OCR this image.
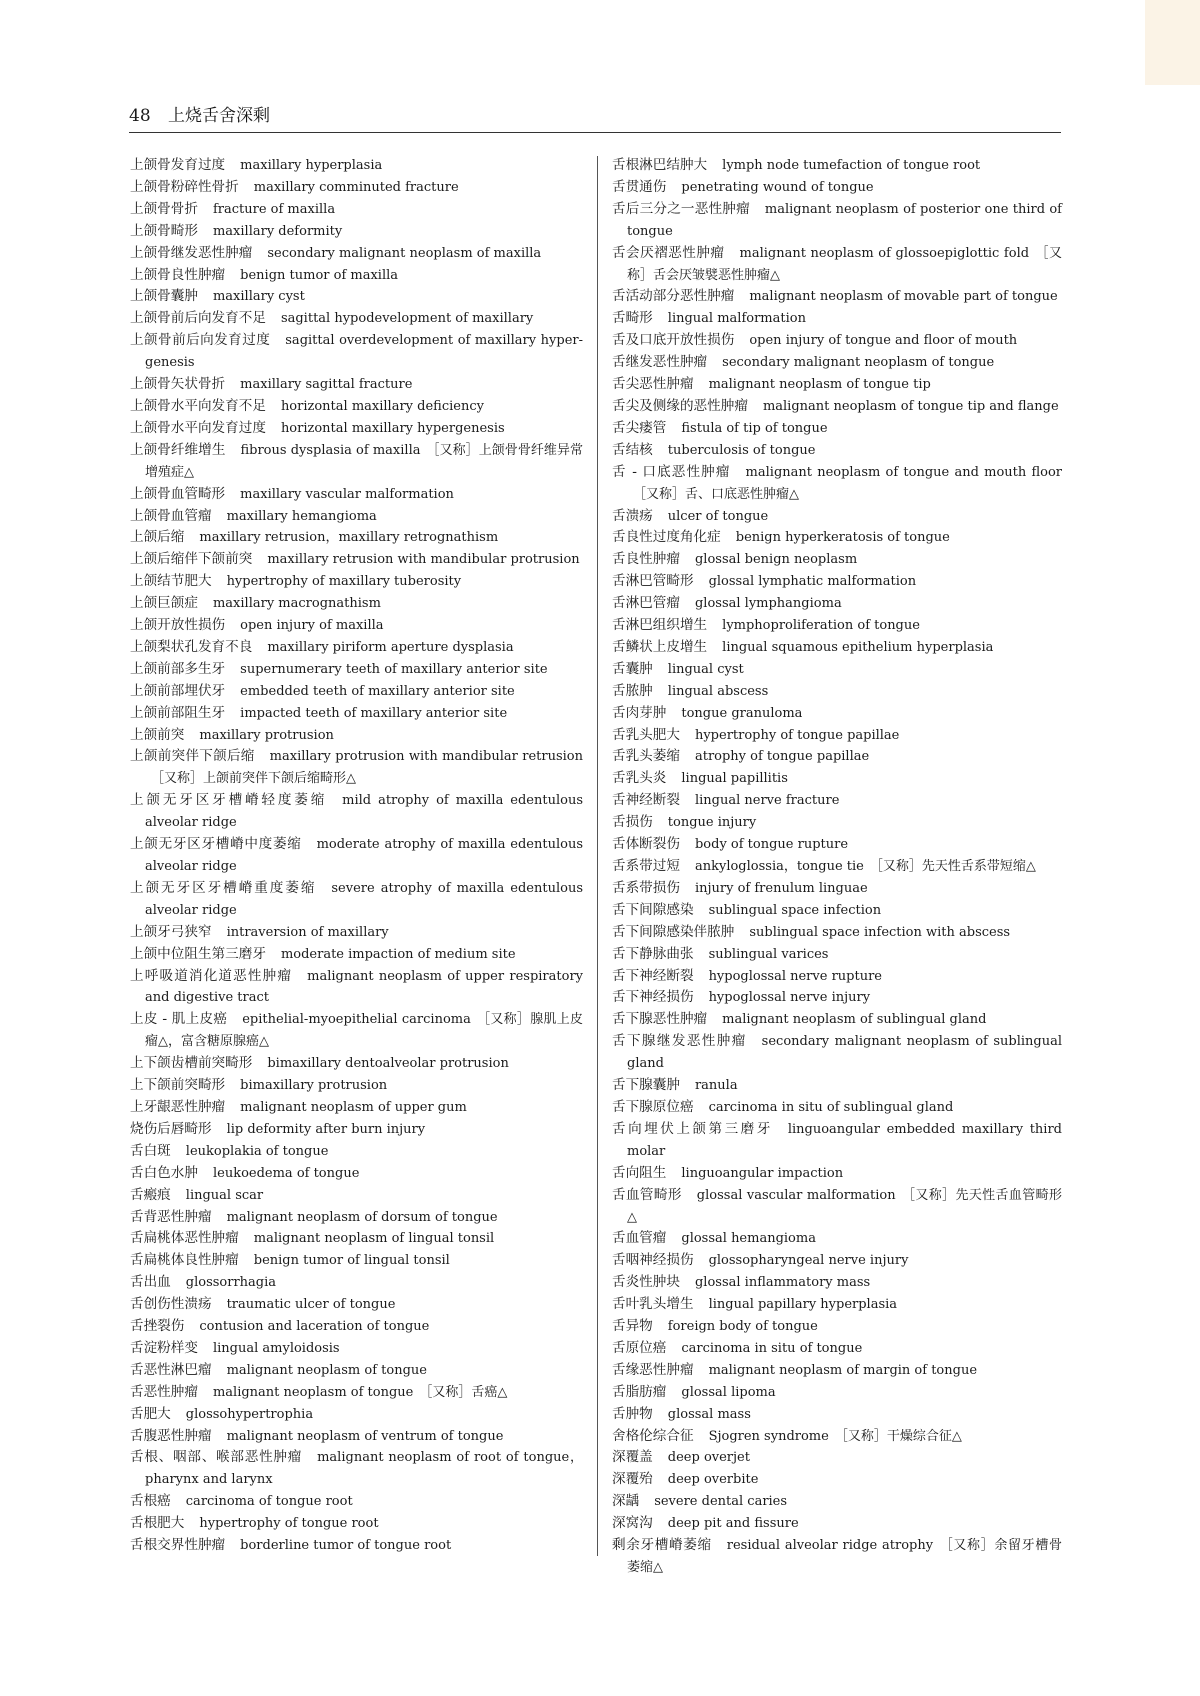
48 上烧舌舍深剩
上颌骨发育过度 maxillary hyperplasia
上颌骨粉碎性骨折 maxillary comminuted fracture
上颌骨骨折 fracture of maxilla
上颌骨畸形 maxillary deformity
上颌骨继发恶性肿瘤 secondary malignant neoplasm of maxilla
上颌骨良性肿瘤 benign tumor of maxilla
上颌骨囊肿 maxillary cyst
上颌骨前后向发育不足 sagittal hypodevelopment of maxillary
上颌骨前后向发育过度 sagittal overdevelopment of maxillary hyper-genesis
上颌骨矢状骨折 maxillary sagittal fracture
上颌骨水平向发育不足 horizontal maxillary deficiency
上颌骨水平向发育过度 horizontal maxillary hypergenesis
上颌骨纤维增生 fibrous dysplasia of maxilla ［又称］上颌骨骨纤维异常增殖症△
上颌骨血管畸形 maxillary vascular malformation
上颌骨血管瘤 maxillary hemangioma
上颌后缩 maxillary retrusion，maxillary retrognathism
上颌后缩伴下颌前突 maxillary retrusion with mandibular protrusion
上颌结节肥大 hypertrophy of maxillary tuberosity
上颌巨颌症 maxillary macrognathism
上颌开放性损伤 open injury of maxilla
上颌梨状孔发育不良 maxillary piriform aperture dysplasia
上颌前部多生牙 supernumerary teeth of maxillary anterior site
上颌前部埋伏牙 embedded teeth of maxillary anterior site
上颌前部阻生牙 impacted teeth of maxillary anterior site
上颌前突 maxillary protrusion
上颌前突伴下颌后缩 maxillary protrusion with mandibular retrusion［又称］上颌前突伴下颌后缩畸形△
上颌无牙区牙槽嵴轻度萎缩 mild atrophy of maxilla edentulous alveolar ridge
上颌无牙区牙槽嵴中度萎缩 moderate atrophy of maxilla edentulous alveolar ridge
上颌无牙区牙槽嵴重度萎缩 severe atrophy of maxilla edentulous alveolar ridge
上颌牙弓狭窄 intraversion of maxillary
上颌中位阻生第三磨牙 moderate impaction of medium site
上呼吸道消化道恶性肿瘤 malignant neoplasm of upper respiratory and digestive tract
上皮 - 肌上皮癌 epithelial-myoepithelial carcinoma ［又称］腺肌上皮瘤△，富含糖原腺癌△
上下颌齿槽前突畸形 bimaxillary dentoalveolar protrusion
上下颌前突畸形 bimaxillary protrusion
上牙龈恶性肿瘤 malignant neoplasm of upper gum
烧伤后唇畸形 lip deformity after burn injury
舌白斑 leukoplakia of tongue
舌白色水肿 leukoedema of tongue
舌瘢痕 lingual scar
舌背恶性肿瘤 malignant neoplasm of dorsum of tongue
舌扁桃体恶性肿瘤 malignant neoplasm of lingual tonsil
舌扁桃体良性肿瘤 benign tumor of lingual tonsil
舌出血 glossorrhagia
舌创伤性溃疡 traumatic ulcer of tongue
舌挫裂伤 contusion and laceration of tongue
舌淀粉样变 lingual amyloidosis
舌恶性淋巴瘤 malignant neoplasm of tongue
舌恶性肿瘤 malignant neoplasm of tongue ［又称］舌癌△
舌肥大 glossohypertrophia
舌腹恶性肿瘤 malignant neoplasm of ventrum of tongue
舌根、咽部、喉部恶性肿瘤 malignant neoplasm of root of tongue，pharynx and larynx
舌根癌 carcinoma of tongue root
舌根肥大 hypertrophy of tongue root
舌根交界性肿瘤 borderline tumor of tongue root
舌根淋巴结肿大 lymph node tumefaction of tongue root
舌贯通伤 penetrating wound of tongue
舌后三分之一恶性肿瘤 malignant neoplasm of posterior one third of tongue
舌会厌褶恶性肿瘤 malignant neoplasm of glossoepiglottic fold ［又称］舌会厌皱襞恶性肿瘤△
舌活动部分恶性肿瘤 malignant neoplasm of movable part of tongue
舌畸形 lingual malformation
舌及口底开放性损伤 open injury of tongue and floor of mouth
舌继发恶性肿瘤 secondary malignant neoplasm of tongue
舌尖恶性肿瘤 malignant neoplasm of tongue tip
舌尖及侧缘的恶性肿瘤 malignant neoplasm of tongue tip and flange
舌尖瘘管 fistula of tip of tongue
舌结核 tuberculosis of tongue
舌 - 口底恶性肿瘤 malignant neoplasm of tongue and mouth floor［又称］舌、口底恶性肿瘤△
舌溃疡 ulcer of tongue
舌良性过度角化症 benign hyperkeratosis of tongue
舌良性肿瘤 glossal benign neoplasm
舌淋巴管畸形 glossal lymphatic malformation
舌淋巴管瘤 glossal lymphangioma
舌淋巴组织增生 lymphoproliferation of tongue
舌鳞状上皮增生 lingual squamous epithelium hyperplasia
舌囊肿 lingual cyst
舌脓肿 lingual abscess
舌肉芽肿 tongue granuloma
舌乳头肥大 hypertrophy of tongue papillae
舌乳头萎缩 atrophy of tongue papillae
舌乳头炎 lingual papillitis
舌神经断裂 lingual nerve fracture
舌损伤 tongue injury
舌体断裂伤 body of tongue rupture
舌系带过短 ankyloglossia，tongue tie ［又称］先天性舌系带短缩△
舌系带损伤 injury of frenulum linguae
舌下间隙感染 sublingual space infection
舌下间隙感染伴脓肿 sublingual space infection with abscess
舌下静脉曲张 sublingual varices
舌下神经断裂 hypoglossal nerve rupture
舌下神经损伤 hypoglossal nerve injury
舌下腺恶性肿瘤 malignant neoplasm of sublingual gland
舌下腺继发恶性肿瘤 secondary malignant neoplasm of sublingual gland
舌下腺囊肿 ranula
舌下腺原位癌 carcinoma in situ of sublingual gland
舌向埋伏上颌第三磨牙 linguoangular embedded maxillary third molar
舌向阻生 linguoangular impaction
舌血管畸形 glossal vascular malformation ［又称］先天性舌血管畸形△
舌血管瘤 glossal hemangioma
舌咽神经损伤 glossopharyngeal nerve injury
舌炎性肿块 glossal inflammatory mass
舌叶乳头增生 lingual papillary hyperplasia
舌异物 foreign body of tongue
舌原位癌 carcinoma in situ of tongue
舌缘恶性肿瘤 malignant neoplasm of margin of tongue
舌脂肪瘤 glossal lipoma
舌肿物 glossal mass
舍格伦综合征 Sjogren syndrome ［又称］干燥综合征△
深覆盖 deep overjet
深覆殆 deep overbite
深龋 severe dental caries
深窝沟 deep pit and fissure
剩余牙槽嵴萎缩 residual alveolar ridge atrophy ［又称］余留牙槽骨萎缩△
